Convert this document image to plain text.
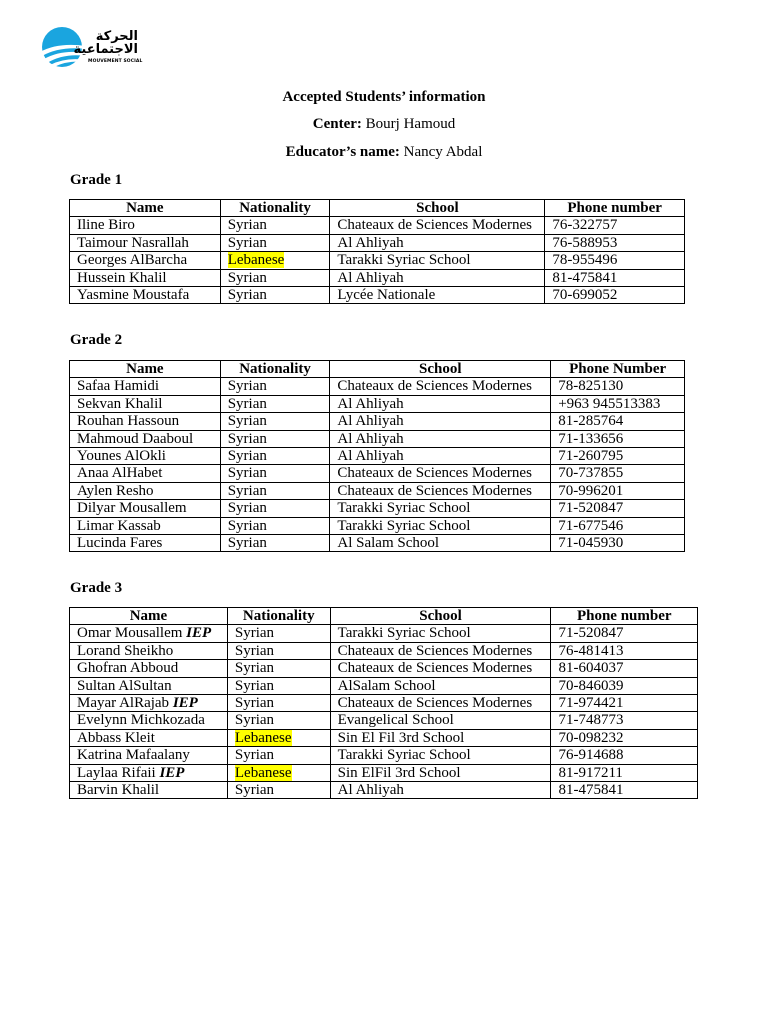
الحركة
الاجتماعية
MOUVEMENT SOCIAL
Accepted Students’ information
Center: Bourj Hamoud
Educator’s name: Nancy Abdal
Grade 1
Name	Nationality	School	Phone number
Iline Biro	Syrian	Chateaux de Sciences Modernes	76-322757
Taimour Nasrallah	Syrian	Al Ahliyah	76-588953
Georges AlBarcha	Lebanese	Tarakki Syriac School	78-955496
Hussein Khalil	Syrian	Al Ahliyah	81-475841
Yasmine Moustafa	Syrian	Lycée Nationale	70-699052
Grade 2
Name	Nationality	School	Phone Number
Safaa Hamidi	Syrian	Chateaux de Sciences Modernes	78-825130
Sekvan Khalil	Syrian	Al Ahliyah	+963 945513383
Rouhan Hassoun	Syrian	Al Ahliyah	81-285764
Mahmoud Daaboul	Syrian	Al Ahliyah	71-133656
Younes AlOkli	Syrian	Al Ahliyah	71-260795
Anaa AlHabet	Syrian	Chateaux de Sciences Modernes	70-737855
Aylen Resho	Syrian	Chateaux de Sciences Modernes	70-996201
Dilyar Mousallem	Syrian	Tarakki Syriac School	71-520847
Limar Kassab	Syrian	Tarakki Syriac School	71-677546
Lucinda Fares	Syrian	Al Salam School	71-045930
Grade 3
Name	Nationality	School	Phone number
Omar Mousallem IEP	Syrian	Tarakki Syriac School	71-520847
Lorand Sheikho	Syrian	Chateaux de Sciences Modernes	76-481413
Ghofran Abboud	Syrian	Chateaux de Sciences Modernes	81-604037
Sultan AlSultan	Syrian	AlSalam School	70-846039
Mayar AlRajab IEP	Syrian	Chateaux de Sciences Modernes	71-974421
Evelynn Michkozada	Syrian	Evangelical School	71-748773
Abbass Kleit	Lebanese	Sin El Fil 3rd School	70-098232
Katrina Mafaalany	Syrian	Tarakki Syriac School	76-914688
Laylaa Rifaii IEP	Lebanese	Sin ElFil 3rd School	81-917211
Barvin Khalil	Syrian	Al Ahliyah	81-475841
